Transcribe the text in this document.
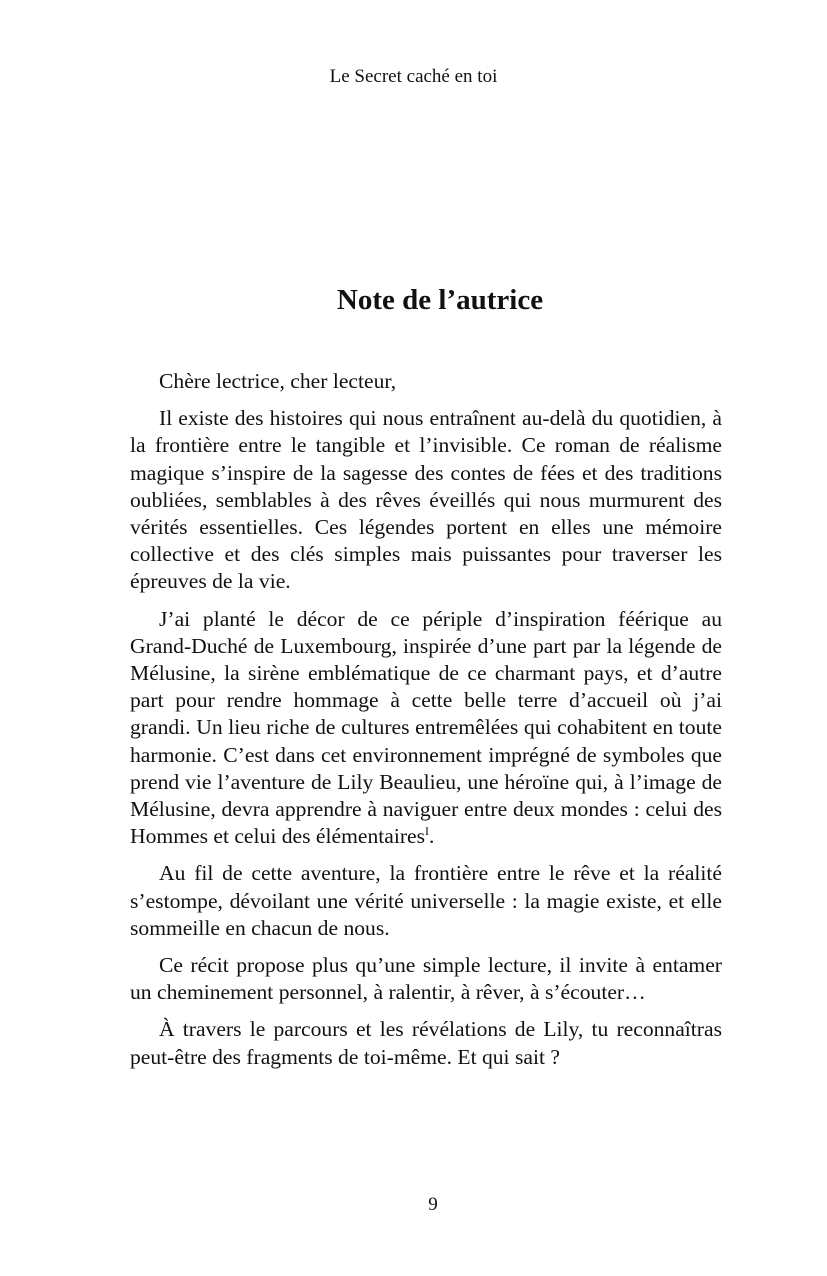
Le Secret caché en toi
Note de l’autrice

Chère lectrice, cher lecteur,

Il existe des histoires qui nous entraînent au-delà du quotidien, à la frontière entre le tangible et l’invisible. Ce roman de réalisme magique s’inspire de la sagesse des contes de fées et des traditions oubliées, semblables à des rêves éveillés qui nous murmurent des vérités essentielles. Ces légendes portent en elles une mémoire collective et des clés simples mais puissantes pour traverser les épreuves de la vie.

J’ai planté le décor de ce périple d’inspiration féérique au Grand-Duché de Luxembourg, inspirée d’une part par la légende de Mélusine, la sirène emblématique de ce charmant pays, et d’autre part pour rendre hommage à cette belle terre d’accueil où j’ai grandi. Un lieu riche de cultures entremêlées qui cohabitent en toute harmonie. C’est dans cet environnement imprégné de symboles que prend vie l’aventure de Lily Beaulieu, une héroïne qui, à l’image de Mélusine, devra apprendre à naviguer entre deux mondes : celui des Hommes et celui des élémentaires$^I$.

Au fil de cette aventure, la frontière entre le rêve et la réalité s’estompe, dévoilant une vérité universelle : la magie existe, et elle sommeille en chacun de nous.

Ce récit propose plus qu’une simple lecture, il invite à entamer un cheminement personnel, à ralentir, à rêver, à s’écouter…

À travers le parcours et les révélations de Lily, tu reconnaîtras peut-être des fragments de toi-même. Et qui sait ?

9
